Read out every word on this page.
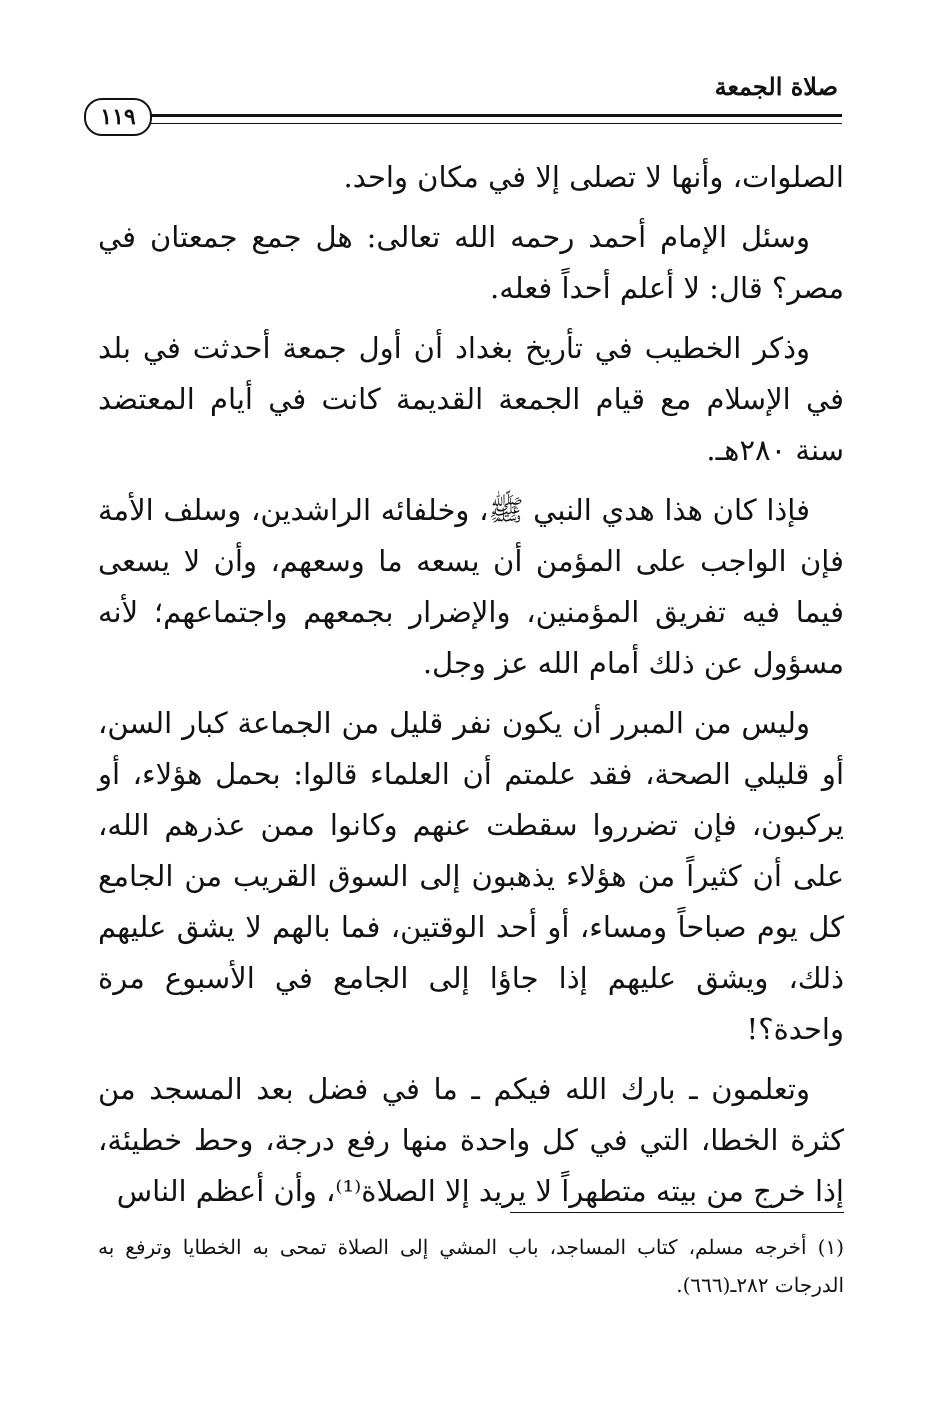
صلاة الجمعة
١١٩

الصلوات، وأنها لا تصلى إلا في مكان واحد.

وسئل الإمام أحمد رحمه الله تعالى: هل جمع جمعتان في مصر؟ قال: لا أعلم أحداً فعله.

وذكر الخطيب في تأريخ بغداد أن أول جمعة أحدثت في بلد في الإسلام مع قيام الجمعة القديمة كانت في أيام المعتضد سنة ٢٨٠هـ.

فإذا كان هذا هدي النبي ﷺ، وخلفائه الراشدين، وسلف الأمة فإن الواجب على المؤمن أن يسعه ما وسعهم، وأن لا يسعى فيما فيه تفريق المؤمنين، والإضرار بجمعهم واجتماعهم؛ لأنه مسؤول عن ذلك أمام الله عز وجل.

وليس من المبرر أن يكون نفر قليل من الجماعة كبار السن، أو قليلي الصحة، فقد علمتم أن العلماء قالوا: بحمل هؤلاء، أو يركبون، فإن تضرروا سقطت عنهم وكانوا ممن عذرهم الله، على أن كثيراً من هؤلاء يذهبون إلى السوق القريب من الجامع كل يوم صباحاً ومساء، أو أحد الوقتين، فما بالهم لا يشق عليهم ذلك، ويشق عليهم إذا جاؤا إلى الجامع في الأسبوع مرة واحدة؟!

وتعلمون ـ بارك الله فيكم ـ ما في فضل بعد المسجد من كثرة الخطا، التي في كل واحدة منها رفع درجة، وحط خطيئة، إذا خرج من بيته متطهراً لا يريد إلا الصلاة⁽¹⁾، وأن أعظم الناس

(١) أخرجه مسلم، كتاب المساجد، باب المشي إلى الصلاة تمحى به الخطايا وترفع به الدرجات ٢٨٢ـ(٦٦٦).
